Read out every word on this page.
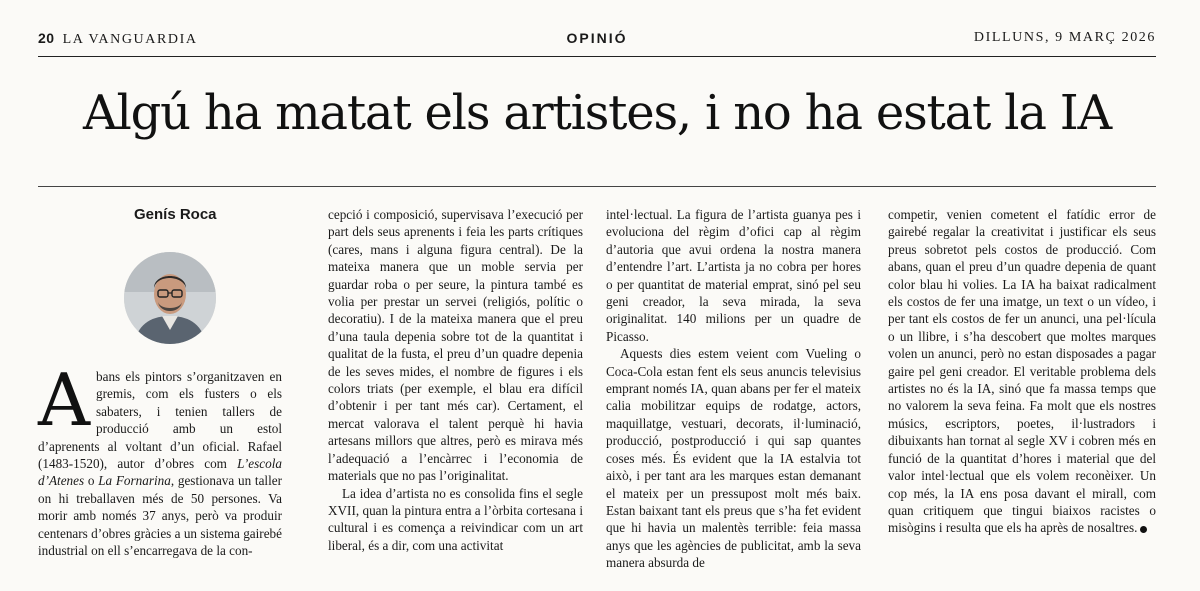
20 LA VANGUARDIA	OPINIÓ	DILLUNS, 9 MARÇ 2026
Algú ha matat els artistes, i no ha estat la IA
Genís Roca

Abans els pintors s’organitzaven en gremis, com els fusters o els sabaters, i tenien tallers de producció amb un estol d’aprenents al voltant d’un oficial. Rafael (1483-1520), autor d’obres com L’escola d’Atenes o La Fornarina, gestionava un taller on hi treballaven més de 50 persones. Va morir amb només 37 anys, però va produir centenars d’obres gràcies a un sistema gairebé industrial on ell s’encarregava de la con-

cepció i composició, supervisava l’execució per part dels seus aprenents i feia les parts crítiques (cares, mans i alguna figura central). De la mateixa manera que un moble servia per guardar roba o per seure, la pintura també es volia per prestar un servei (religiós, polític o decoratiu). I de la mateixa manera que el preu d’una taula depenia sobre tot de la quantitat i qualitat de la fusta, el preu d’un quadre depenia de les seves mides, el nombre de figures i els colors triats (per exemple, el blau era difícil d’obtenir i per tant més car). Certament, el mercat valorava el talent perquè hi havia artesans millors que altres, però es mirava més l’adequació a l’encàrrec i l’economia de materials que no pas l’originalitat.

La idea d’artista no es consolida fins el segle XVII, quan la pintura entra a l’òrbita cortesana i cultural i es comença a reivindicar com un art liberal, és a dir, com una activitat

intel·lectual. La figura de l’artista guanya pes i evoluciona del règim d’ofici cap al règim d’autoria que avui ordena la nostra manera d’entendre l’art. L’artista ja no cobra per hores o per quantitat de material emprat, sinó pel seu geni creador, la seva mirada, la seva originalitat. 140 milions per un quadre de Picasso.

Aquests dies estem veient com Vueling o Coca-Cola estan fent els seus anuncis televisius emprant només IA, quan abans per fer el mateix calia mobilitzar equips de rodatge, actors, maquillatge, vestuari, decorats, il·luminació, producció, postproducció i qui sap quantes coses més. És evident que la IA estalvia tot això, i per tant ara les marques estan demanant el mateix per un pressupost molt més baix. Estan baixant tant els preus que s’ha fet evident que hi havia un malentès terrible: feia massa anys que les agències de publicitat, amb la seva manera absurda de

competir, venien cometent el fatídic error de gairebé regalar la creativitat i justificar els seus preus sobretot pels costos de producció. Com abans, quan el preu d’un quadre depenia de quant color blau hi volies. La IA ha baixat radicalment els costos de fer una imatge, un text o un vídeo, i per tant els costos de fer un anunci, una pel·lícula o un llibre, i s’ha descobert que moltes marques volen un anunci, però no estan disposades a pagar gaire pel geni creador. El veritable problema dels artistes no és la IA, sinó que fa massa temps que no valorem la seva feina. Fa molt que els nostres músics, escriptors, poetes, il·lustradors i dibuixants han tornat al segle XV i cobren més en funció de la quantitat d’hores i material que del valor intel·lectual que els volem reconèixer. Un cop més, la IA ens posa davant el mirall, com quan critiquem que tingui biaixos racistes o misògins i resulta que els ha après de nosaltres.
